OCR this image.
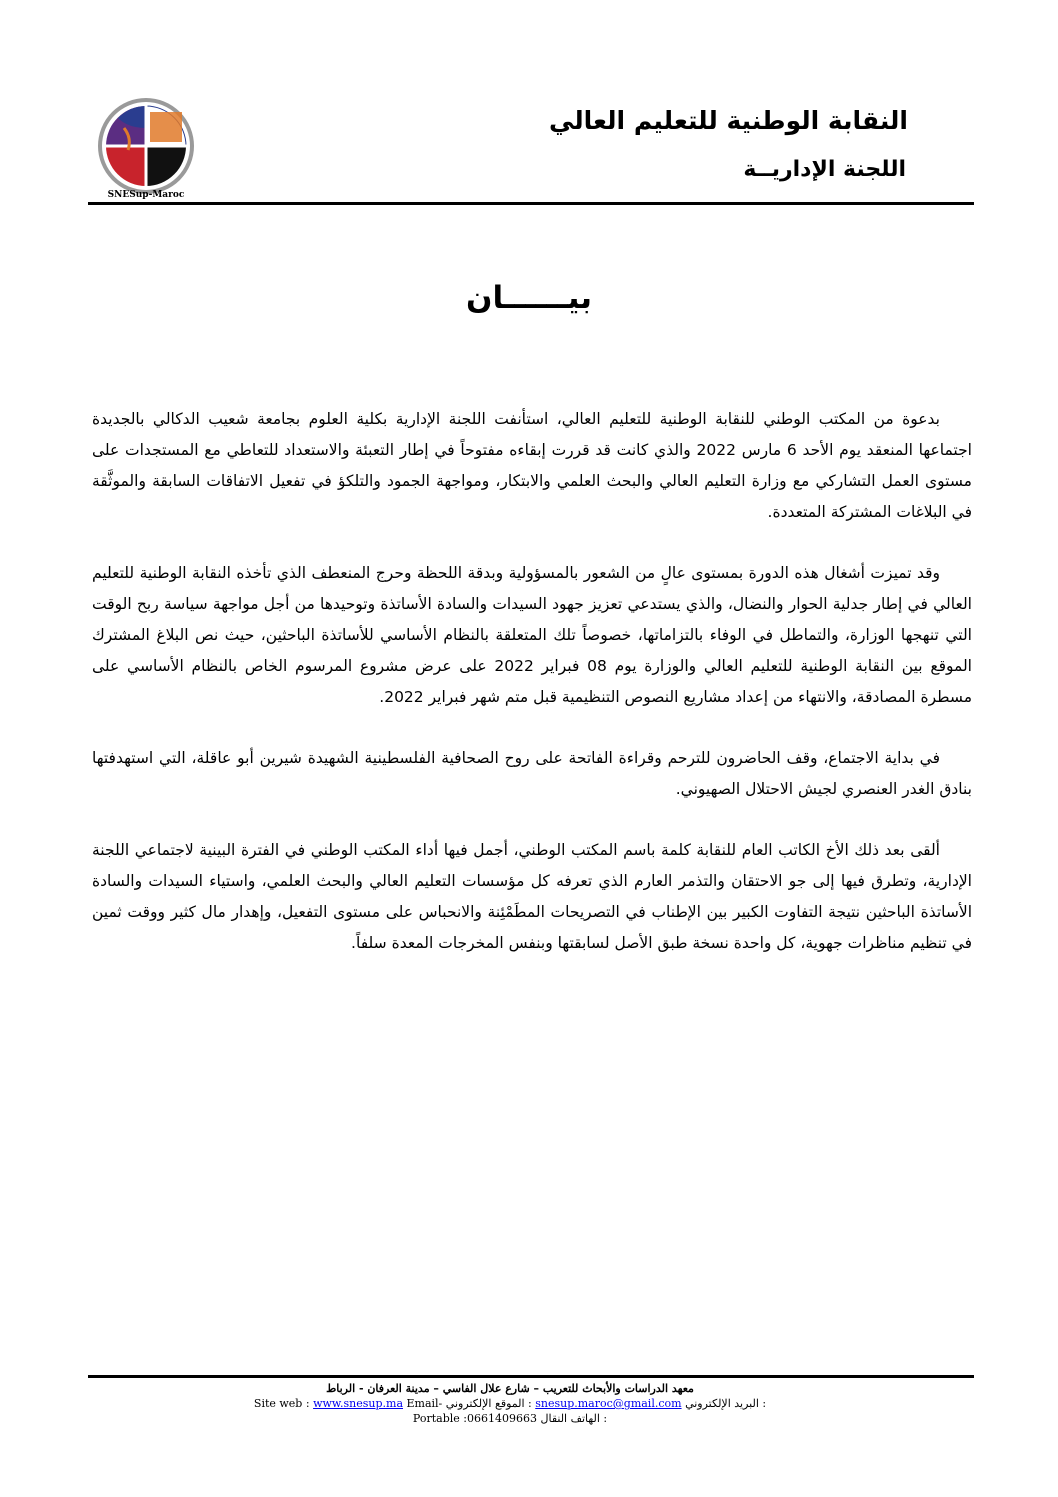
SNESup-Maroc
النقابة الوطنية للتعليم العالي
اللجنة الإداريــة
بيــــــان

بدعوة من المكتب الوطني للنقابة الوطنية للتعليم العالي، استأنفت اللجنة الإدارية بكلية العلوم بجامعة شعيب الدكالي بالجديدة اجتماعها المنعقد يوم الأحد 6 مارس 2022 والذي كانت قد قررت إبقاءه مفتوحاً في إطار التعبئة والاستعداد للتعاطي مع المستجدات على مستوى العمل التشاركي مع وزارة التعليم العالي والبحث العلمي والابتكار، ومواجهة الجمود والتلكؤ في تفعيل الاتفاقات السابقة والموثَّقة في البلاغات المشتركة المتعددة.

وقد تميزت أشغال هذه الدورة بمستوى عالٍ من الشعور بالمسؤولية وبدقة اللحظة وحرج المنعطف الذي تأخذه النقابة الوطنية للتعليم العالي في إطار جدلية الحوار والنضال، والذي يستدعي تعزيز جهود السيدات والسادة الأساتذة وتوحيدها من أجل مواجهة سياسة ربح الوقت التي تنهجها الوزارة، والتماطل في الوفاء بالتزاماتها، خصوصاً تلك المتعلقة بالنظام الأساسي للأساتذة الباحثين، حيث نص البلاغ المشترك الموقع بين النقابة الوطنية للتعليم العالي والوزارة يوم 08 فبراير 2022 على عرض مشروع المرسوم الخاص بالنظام الأساسي على مسطرة المصادقة، والانتهاء من إعداد مشاريع النصوص التنظيمية قبل متم شهر فبراير 2022.

في بداية الاجتماع، وقف الحاضرون للترحم وقراءة الفاتحة على روح الصحافية الفلسطينية الشهيدة شيرين أبو عاقلة، التي استهدفتها بنادق الغدر العنصري لجيش الاحتلال الصهيوني.

ألقى بعد ذلك الأخ الكاتب العام للنقابة كلمة باسم المكتب الوطني، أجمل فيها أداء المكتب الوطني في الفترة البينية لاجتماعي اللجنة الإدارية، وتطرق فيها إلى جو الاحتقان والتذمر العارم الذي تعرفه كل مؤسسات التعليم العالي والبحث العلمي، واستياء السيدات والسادة الأساتذة الباحثين نتيجة التفاوت الكبير بين الإطناب في التصريحات المطَمْئِنة والانحباس على مستوى التفعيل، وإهدار مال كثير ووقت ثمين في تنظيم مناظرات جهوية، كل واحدة نسخة طبق الأصل لسابقتها وبنفس المخرجات المعدة سلفاً.

معهد الدراسات والأبحاث للتعريب – شارع علال الفاسي – مدينة العرفان - الرباط
Site web : www.snesup.ma Email- الموقع الإلكتروني : snesup.maroc@gmail.com البريد الإلكتروني :
Portable :0661409663 الهاتف النقال :
